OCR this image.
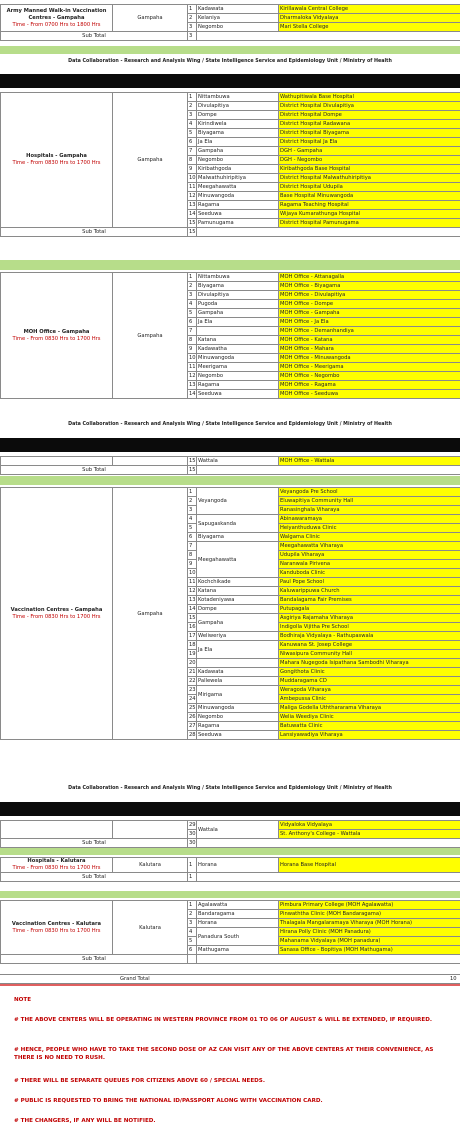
Army Manned Walk-in Vaccination Centres - Gampaha
Time - From 0700 Hrs to 1800 Hrs	Gampaha	1	Kadawata	Kirillawala Central College
		2	Kelaniya	Dharmaloka Vidyalaya
		3	Negombo	Mari Stella College
Sub Total		3		
Data Collaboration - Research and Analysis Wing / State Intelligence Service and Epidemiology Unit / Ministry of Health
Hospitals - Gampaha
Time - From 0830 Hrs to 1700 Hrs	Gampaha	1	Nittambuwa	Wathupitiwala Base Hospital
		2	Divulapitiya	District Hospital Divulapitiya
		3	Dompe	District Hospital Dompe
		4	Kirindiwela	District Hospital Radawana
		5	Biyagama	District Hospital Biyagama
		6	Ja Ela	District Hospital Ja Ela
		7	Gampaha	DGH - Gampaha
		8	Negombo	DGH - Negombo
		9	Kiribathgoda	Kiribathgoda Base Hospital
		10	Malwathuhiripitiya	District Hospital Malwathuhiripitiya
		11	Meegahawatta	District Hospital Udupila
		12	Minuwangoda	Base Hospital Minuwangoda
		13	Ragama	Ragama Teaching Hospital
		14	Seeduwa	Wijaya Kumarathunga Hospital
		15	Pamunugama	District Hospital Pamunugama
Sub Total		15		
MOH Office - Gampaha
Time - From 0830 Hrs to 1700 Hrs	Gampaha	1	Nittambuwa	MOH Office - Attanagalla
		2	Biyagama	MOH Office - Biyagama
		3	Divulapitiya	MOH Office - Divulapitiya
		4	Pugoda	MOH Office - Dompe
		5	Gampaha	MOH Office - Gampaha
		6	Ja Ela	MOH Office - Ja Ela
		7		MOH Office - Demanhandiya
		8	Katana	MOH Office - Katana
		9	Kadawatha	MOH Office - Mahara
		10	Minuwangoda	MOH Office - Minuwangoda
		11	Meerigama	MOH Office - Meerigama
		12	Negombo	MOH Office - Negombo
		13	Ragama	MOH Office - Ragama
		14	Seeduwa	MOH Office - Seeduwa
Data Collaboration - Research and Analysis Wing / State Intelligence Service and Epidemiology Unit / Ministry of Health
		15	Wattala	MOH Office - Wattala
Sub Total		15		
Vaccination Centres - Gampaha
Time - From 0830 Hrs to 1700 Hrs	Gampaha	1	Veyangoda	Veyangoda Pre School
		2		Eluwapitiya Community Hall
		3		Ranasinghala Viharaya
		4	Sapugaskanda	Abinawaramaya
		5		Heiyanthuduwa Clinic
		6	Biyagama	Walgama Clinic
		7	Meegahawatta	Meegahawatta Viharaya
		8		Udupila Viharaya
		9		Naranwala Pirivena
		10		Kanduboda Clinic
		11	Kochchikade	Paul Pope School
		12	Katana	Kaluwarippuwa Church
		13	Kotadeniyawa	Bandalagama Fair Premises
		14	Dompe	Putupagala
		15	Gampaha	Asgiriya Rajamaha Viharaya
		16		Indigolla Vijitha Pre School
		17	Weliweriya	Bodhiraja Vidyalaya - Rathupaswala
		18	Ja Ela	Kanuwana St. Josep College
		19		Niwasipura Community Hall
		20		Mahara Nugegoda Isipathana Sambodhi Viharaya
		21	Kadawata	Gongithota Clinic
		22	Pallewela	Muddaragama CD
		23	Mirigama	Weragoda Viharaya
		24		Ambepussa Clinic
		25	Minuwangoda	Maliga Godella Uththararama Viharaya
		26	Negombo	Welia Weediya Clinic
		27	Ragama	Batuwatta Clinic
		28	Seeduwa	Lansiyawadiya Viharaya
Data Collaboration - Research and Analysis Wing / State Intelligence Service and Epidemiology Unit / Ministry of Health
		29	Wattala	Vidyaloka Vidyalaya
		30		St. Anthony's College - Wattala
Sub Total		30		
Hospitals - Kalutara
Time - From 0830 Hrs to 1700 Hrs	Kalutara	1	Horana	Horana Base Hospital
Sub Total		1		
Vaccination Centres - Kalutara
Time - From 0830 Hrs to 1700 Hrs	Kalutara	1	Agalawatta	Pimbura Primary College (MOH Agalawatta)
		2	Bandaragama	Pinwaththa Clinic (MOH Bandaragama)
		3	Horana	Thalagala Mangalaramaya Viharaya (MOH Horana)
		4	Panadura South	Hirana Polly Clinic (MOH Panadura)
		5		Mahanama Vidyalaya (MOH panadura)
		6	Mathugama	Sanasa Office - Bopitiya (MOH Mathugama)
Sub Total				
Grand Total	10
NOTE
# THE ABOVE CENTERS WILL BE OPERATING IN WESTERN PROVINCE FROM 01 TO 06 OF AUGUST & WILL BE EXTENDED, IF REQUIRED.
# HENCE, PEOPLE WHO HAVE TO TAKE THE SECOND DOSE OF AZ CAN VISIT ANY OF THE ABOVE CENTERS AT THEIR CONVENIENCE, AS THERE IS NO NEED TO RUSH.
# THERE WILL BE SEPARATE QUEUES FOR CITIZENS ABOVE 60 / SPECIAL NEEDS.
# PUBLIC IS REQUESTED TO BRING THE NATIONAL ID/PASSPORT ALONG WITH VACCINATION CARD.
# THE CHANGERS, IF ANY WILL BE NOTIFIED.
